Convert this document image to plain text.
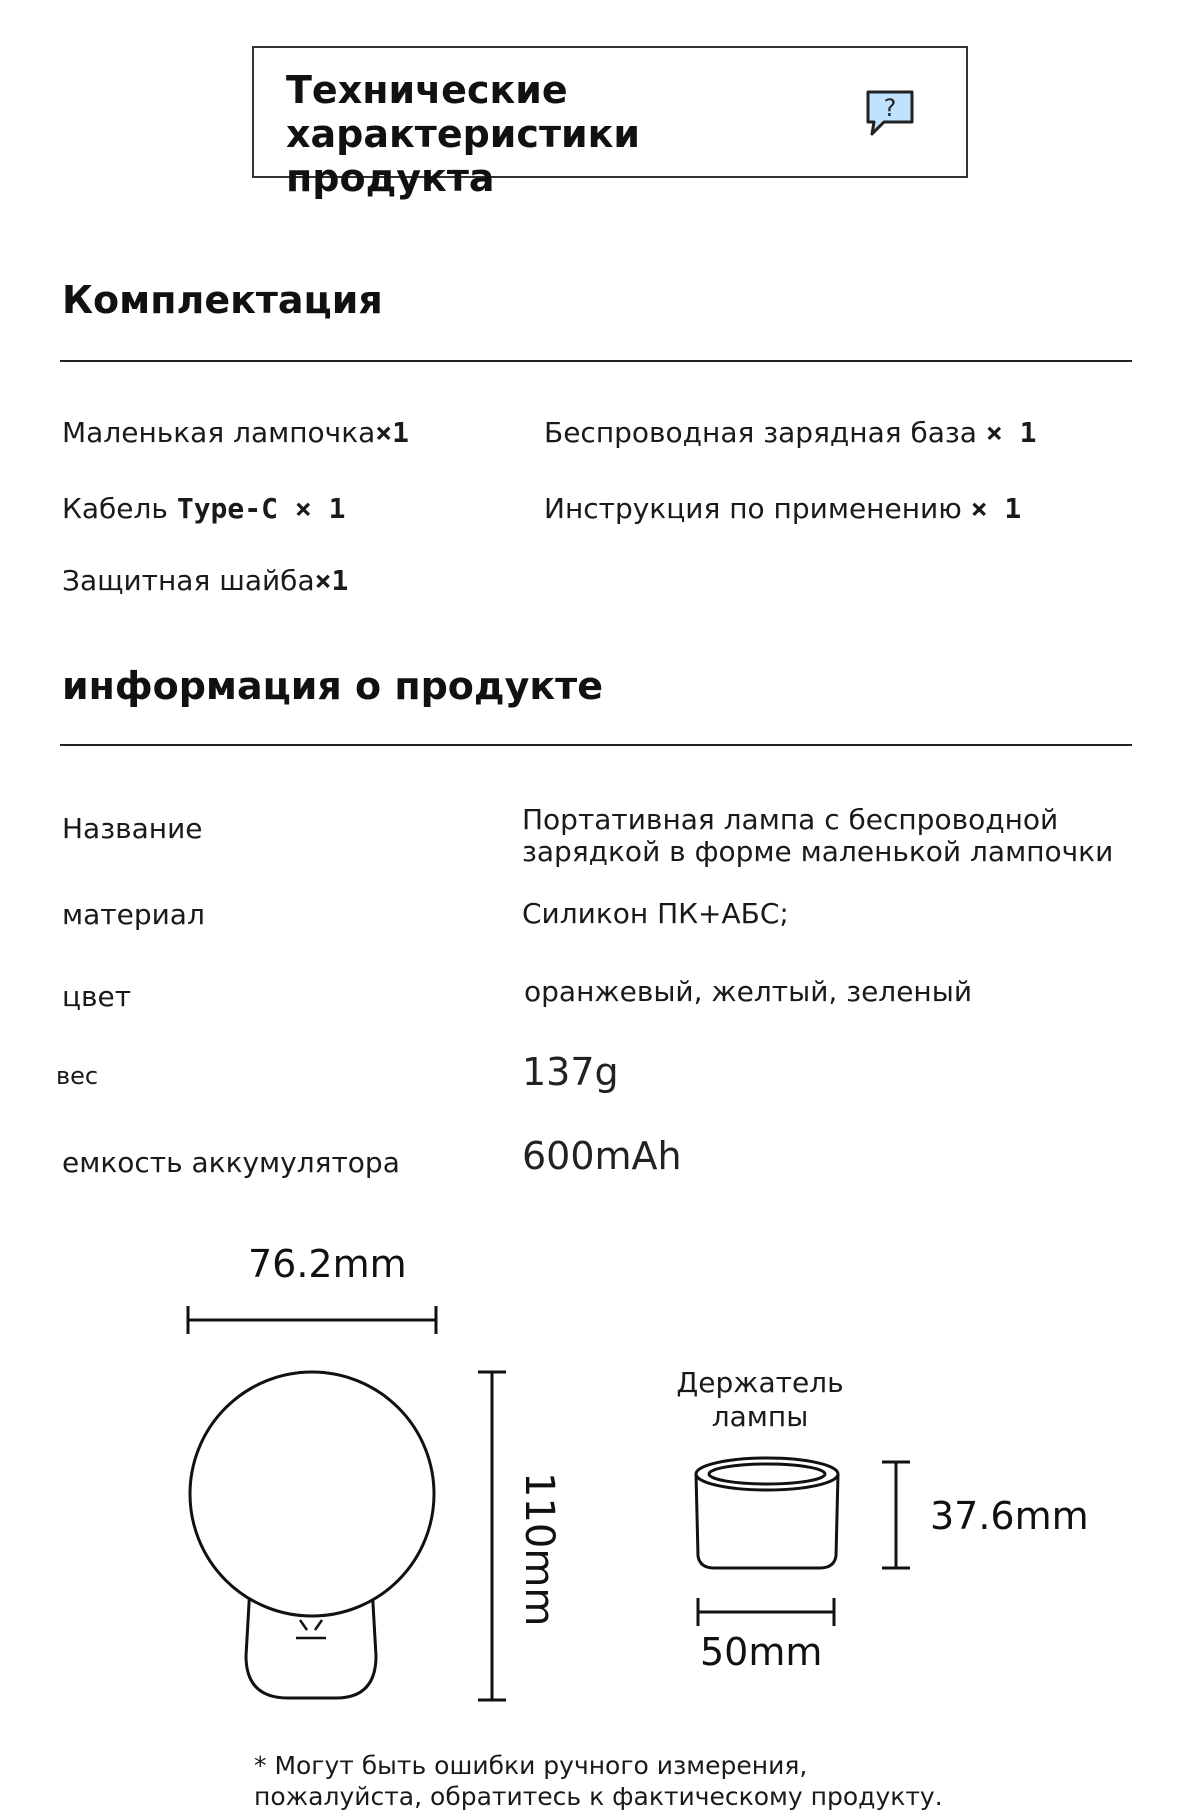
Технические характеристики продукта
?
Комплектация
Маленькая лампочка×1	Беспроводная зарядная база × 1
Кабель Type-C × 1	Инструкция по применению × 1
Защитная шайба×1
информация о продукте
Название	Портативная лампа с беспроводной
зарядкой в форме маленькой лампочки
материал	Силикон ПК+АБС;
цвет	оранжевый, желтый, зеленый
вес	137g
емкость аккумулятора	600mAh
76.2mm
110mm
Держатель
лампы
37.6mm
50mm
* Могут быть ошибки ручного измерения,
пожалуйста, обратитесь к фактическому продукту.
